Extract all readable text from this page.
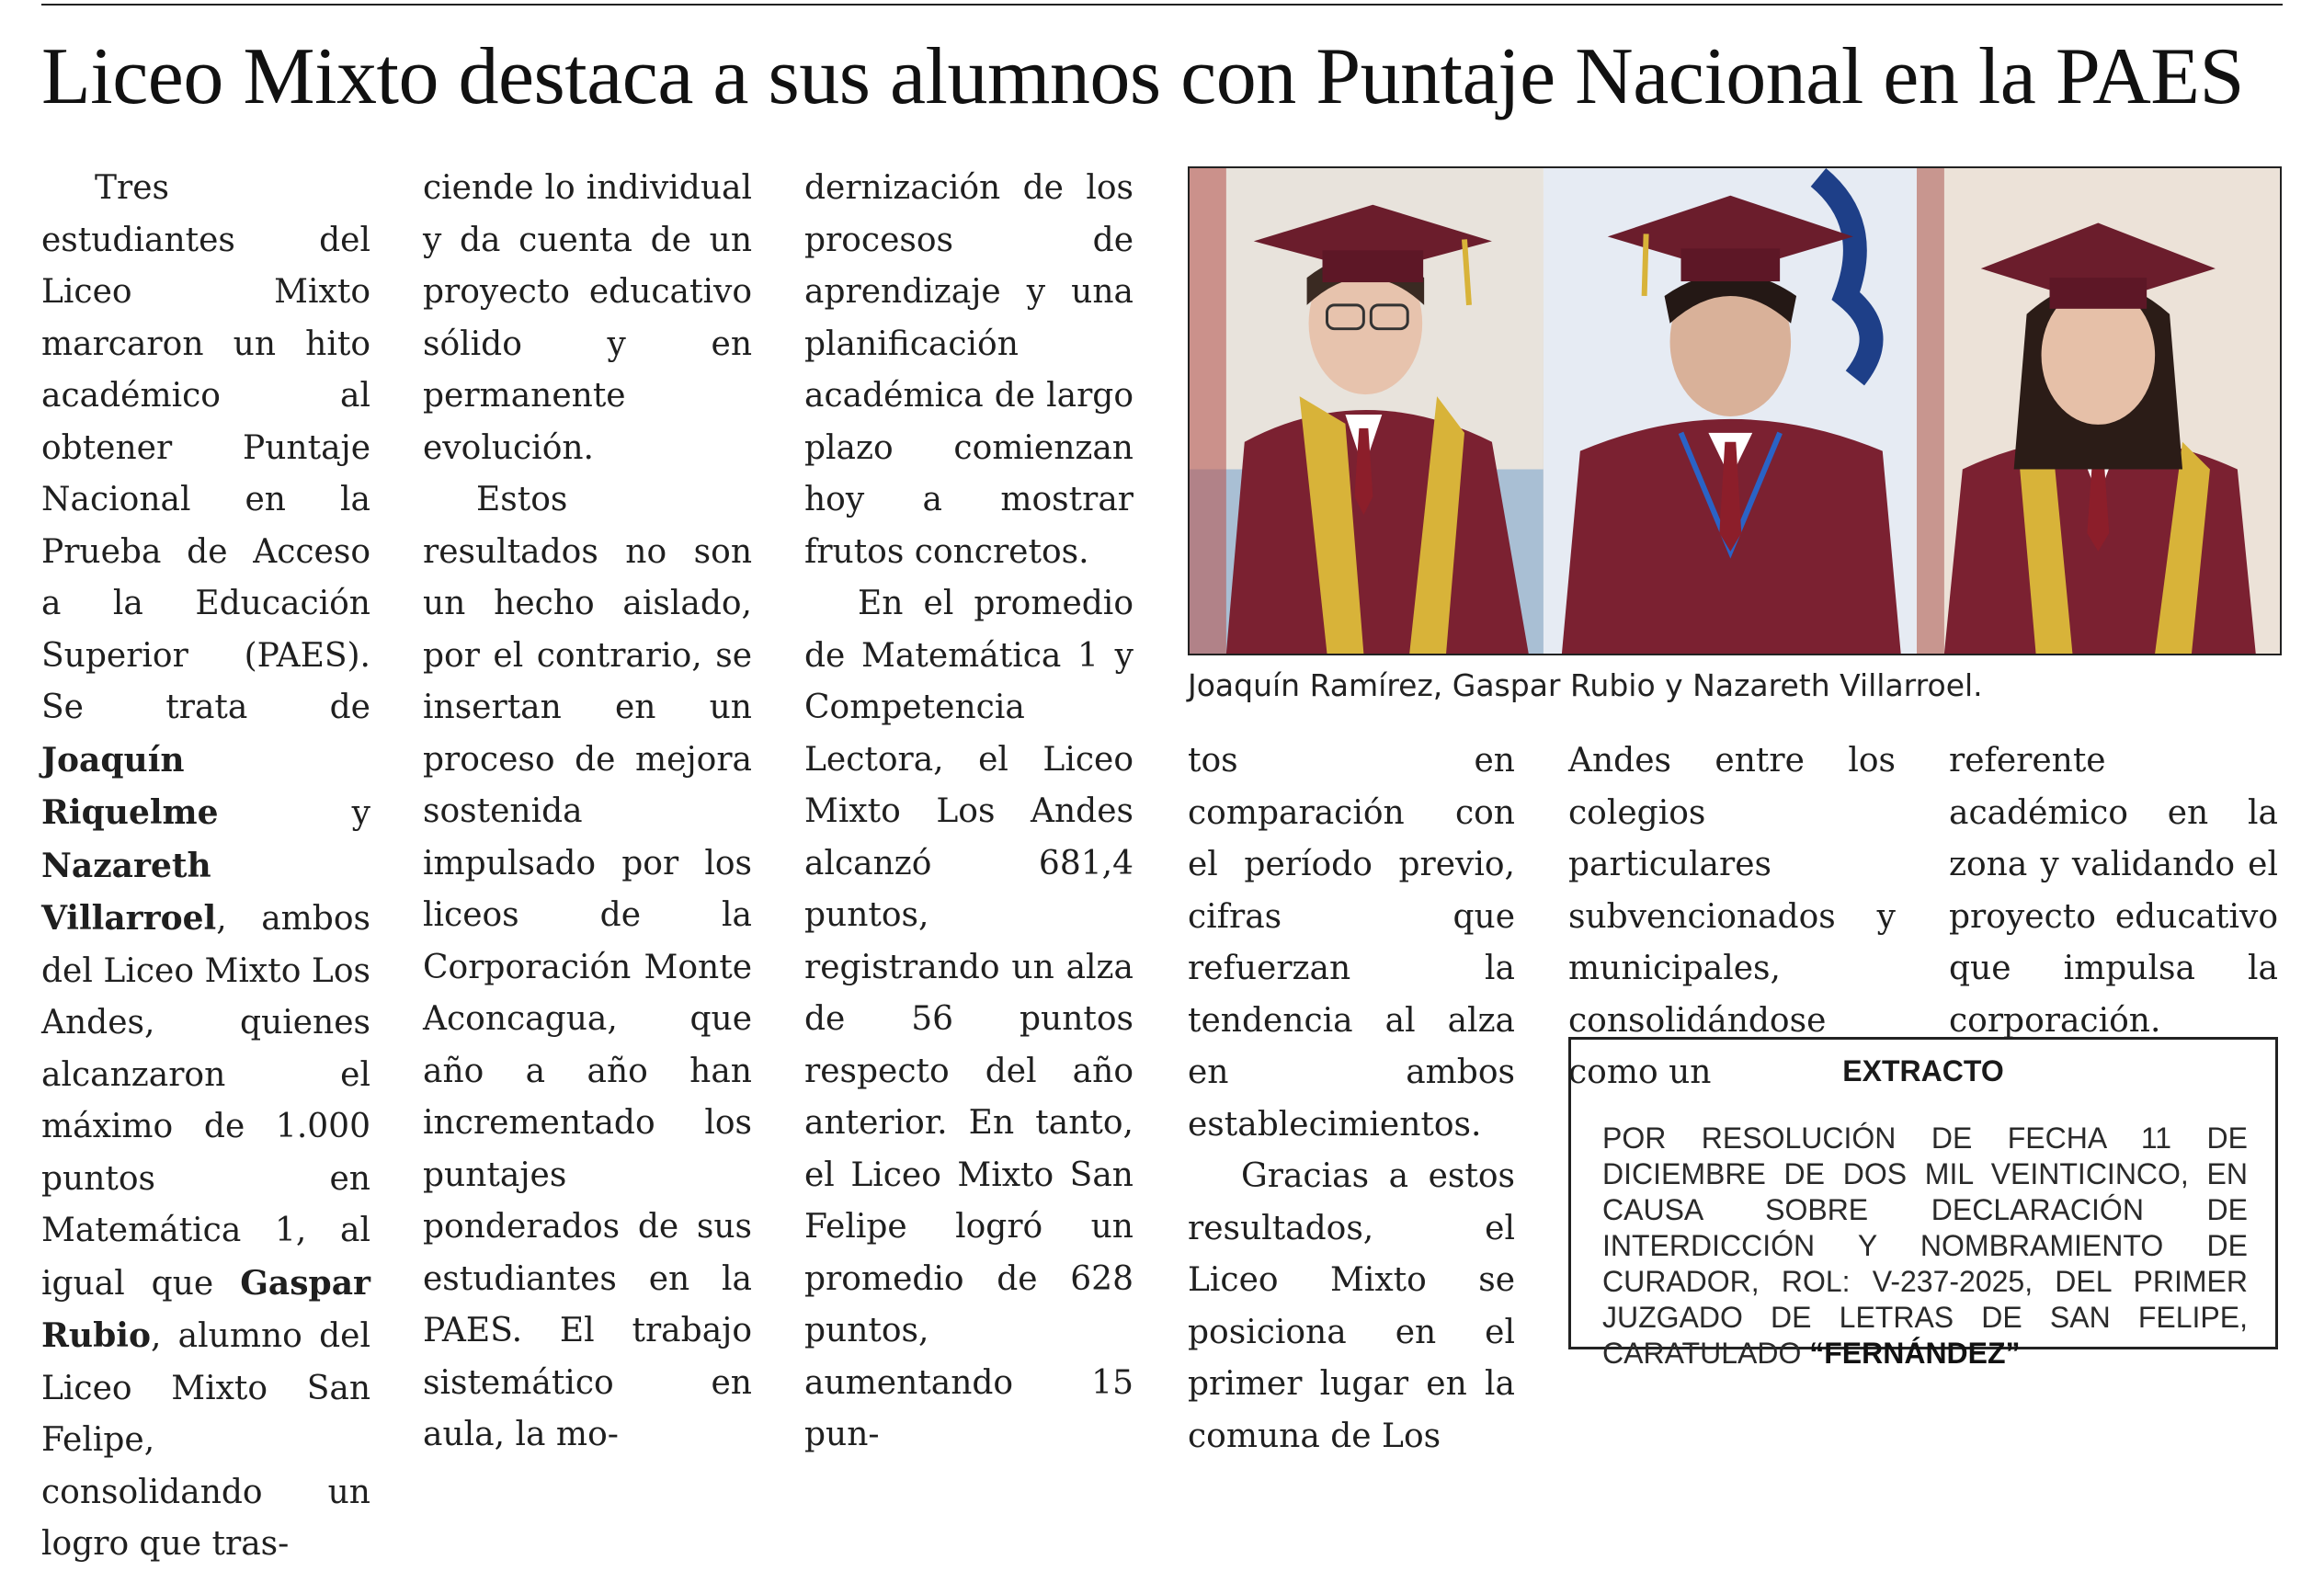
Liceo Mixto destaca a sus alumnos con Puntaje Nacional en la PAES

Tres estudiantes del Liceo Mixto marcaron un hito académico al obtener Puntaje Nacional en la Prueba de Acceso a la Educación Superior (PAES). Se trata de Joaquín Riquelme y Nazareth Villarroel, ambos del Liceo Mixto Los Andes, quienes alcanzaron el máximo de 1.000 puntos en Matemática 1, al igual que Gaspar Rubio, alumno del Liceo Mixto San Felipe, consolidando un logro que tras-

ciende lo individual y da cuenta de un proyecto educativo sólido y en permanente evolución.

Estos resultados no son un hecho aislado, por el contrario, se insertan en un proceso de mejora sostenida impulsado por los liceos de la Corporación Monte Aconcagua, que año a año han incrementado los puntajes ponderados de sus estudiantes en la PAES. El trabajo sistemático en aula, la mo-

dernización de los procesos de aprendizaje y una planificación académica de largo plazo comienzan hoy a mostrar frutos concretos.

En el promedio de Matemática 1 y Competencia Lectora, el Liceo Mixto Los Andes alcanzó 681,4 puntos, registrando un alza de 56 puntos respecto del año anterior. En tanto, el Liceo Mixto San Felipe logró un promedio de 628 puntos, aumentando 15 pun-

Joaquín Ramírez, Gaspar Rubio y Nazareth Villarroel.

tos en comparación con el período previo, cifras que refuerzan la tendencia al alza en ambos establecimientos.

Gracias a estos resultados, el Liceo Mixto se posiciona en el primer lugar en la comuna de Los

Andes entre los colegios particulares subvencionados y municipales, consolidándose como un

referente académico en la zona y validando el proyecto educativo que impulsa la corporación.

EXTRACTO
POR RESOLUCIÓN DE FECHA 11 DE DICIEMBRE DE DOS MIL VEINTICINCO, EN CAUSA SOBRE DECLARACIÓN DE INTERDICCIÓN Y NOMBRAMIENTO DE CURADOR, ROL: V-237-2025, DEL PRIMER JUZGADO DE LETRAS DE SAN FELIPE, CARATULADO “FERNÁNDEZ”
